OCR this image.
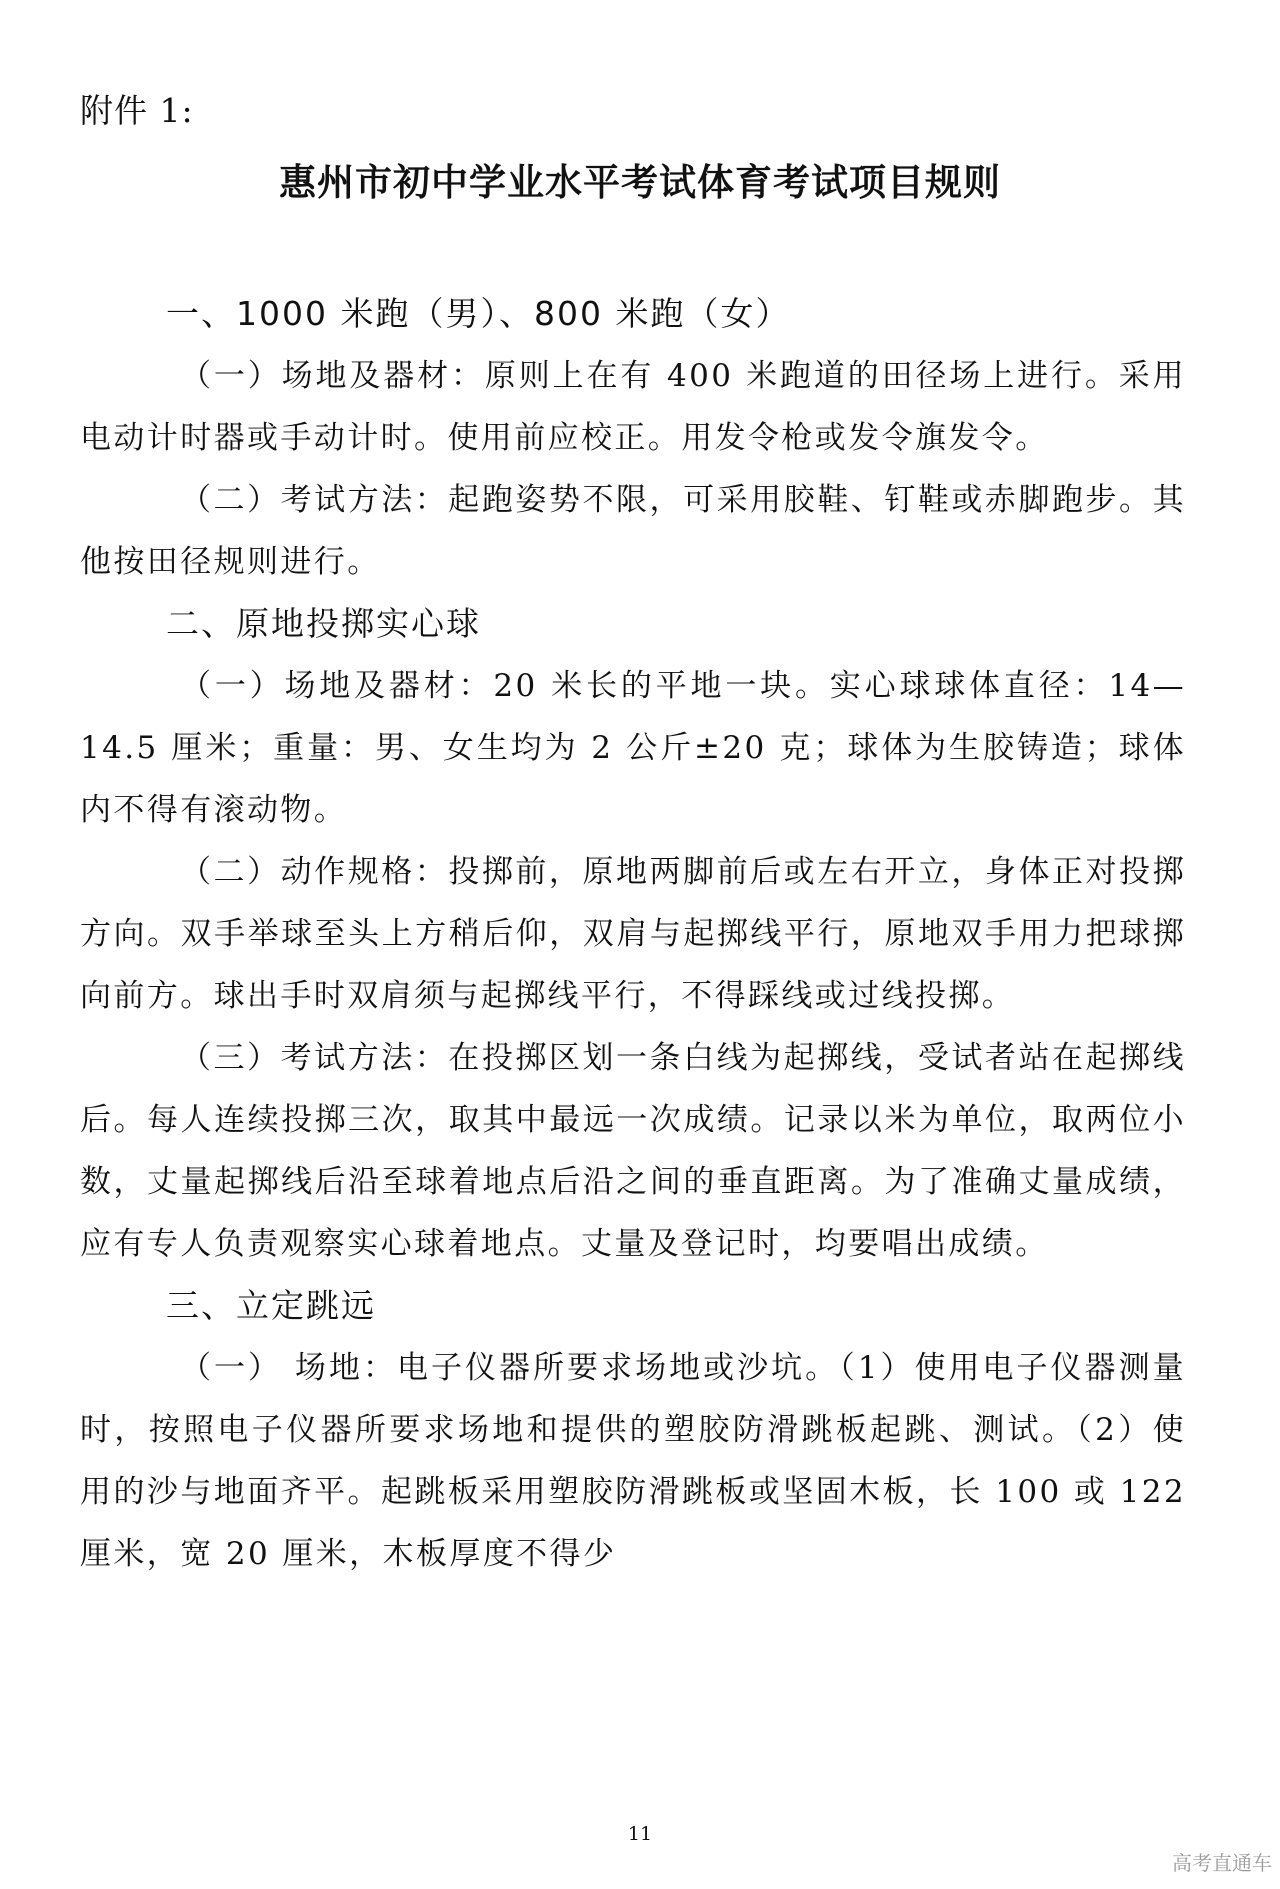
附件 1:
惠州市初中学业水平考试体育考试项目规则
一、1000 米跑（男）、800 米跑（女）

（一）场地及器材：原则上在有 400 米跑道的田径场上进行。采用电动计时器或手动计时。使用前应校正。用发令枪或发令旗发令。

（二）考试方法：起跑姿势不限，可采用胶鞋、钉鞋或赤脚跑步。其他按田径规则进行。

二、原地投掷实心球

（一）场地及器材：20 米长的平地一块。实心球球体直径：14—14.5 厘米；重量：男、女生均为 2 公斤±20 克；球体为生胶铸造；球体内不得有滚动物。

（二）动作规格：投掷前，原地两脚前后或左右开立，身体正对投掷方向。双手举球至头上方稍后仰，双肩与起掷线平行，原地双手用力把球掷向前方。球出手时双肩须与起掷线平行，不得踩线或过线投掷。

（三）考试方法：在投掷区划一条白线为起掷线，受试者站在起掷线后。每人连续投掷三次，取其中最远一次成绩。记录以米为单位，取两位小数，丈量起掷线后沿至球着地点后沿之间的垂直距离。为了准确丈量成绩，应有专人负责观察实心球着地点。丈量及登记时，均要唱出成绩。

三、立定跳远

（一） 场地：电子仪器所要求场地或沙坑。（1）使用电子仪器测量时，按照电子仪器所要求场地和提供的塑胶防滑跳板起跳、测试。（2）使用的沙与地面齐平。起跳板采用塑胶防滑跳板或坚固木板，长 100 或 122 厘米，宽 20 厘米，木板厚度不得少

11
高考直通车
